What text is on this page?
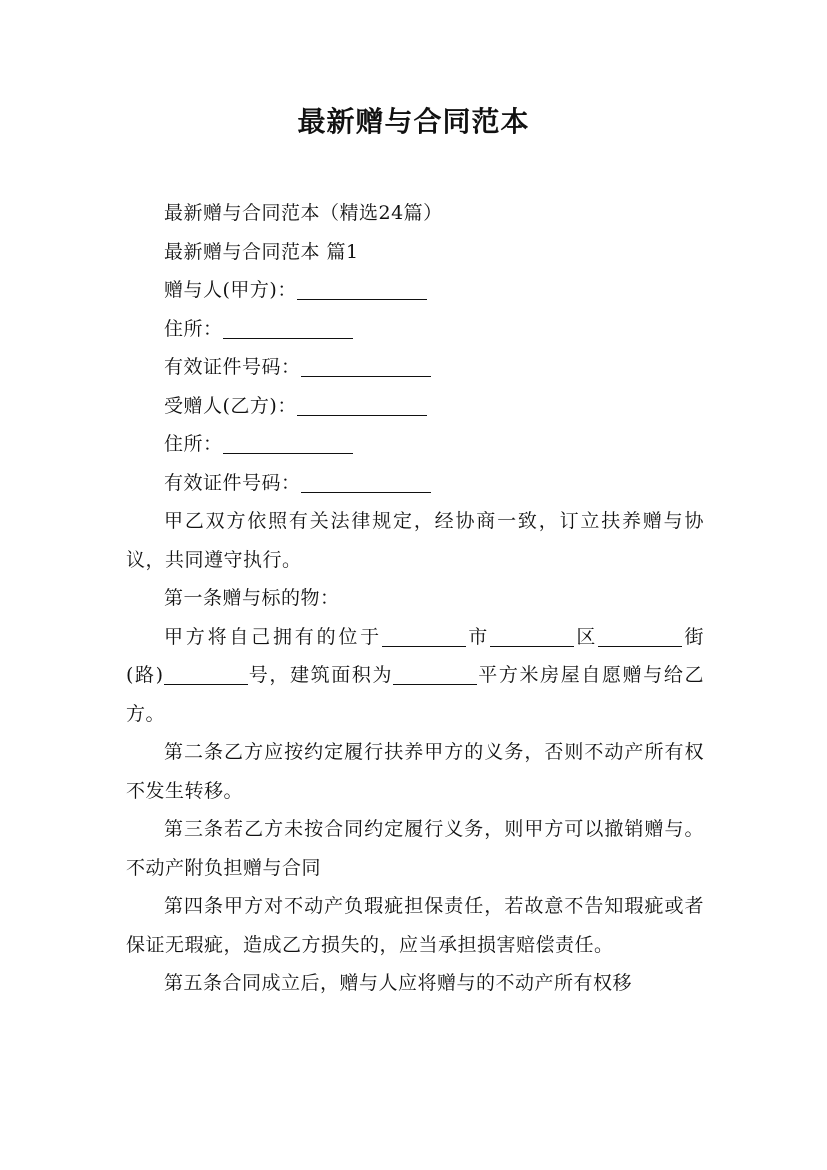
最新赠与合同范本

最新赠与合同范本（精选24篇）

最新赠与合同范本 篇1

赠与人(甲方)：

住所：

有效证件号码：

受赠人(乙方)：

住所：

有效证件号码：

甲乙双方依照有关法律规定，经协商一致，订立扶养赠与协议，共同遵守执行。

第一条赠与标的物：

甲方将自己拥有的位于	市	区	街(路)	号，建筑面积为	平方米房屋自愿赠与给乙方。

第二条乙方应按约定履行扶养甲方的义务，否则不动产所有权不发生转移。

第三条若乙方未按合同约定履行义务，则甲方可以撤销赠与。不动产附负担赠与合同

第四条甲方对不动产负瑕疵担保责任，若故意不告知瑕疵或者保证无瑕疵，造成乙方损失的，应当承担损害赔偿责任。

第五条合同成立后，赠与人应将赠与的不动产所有权移
